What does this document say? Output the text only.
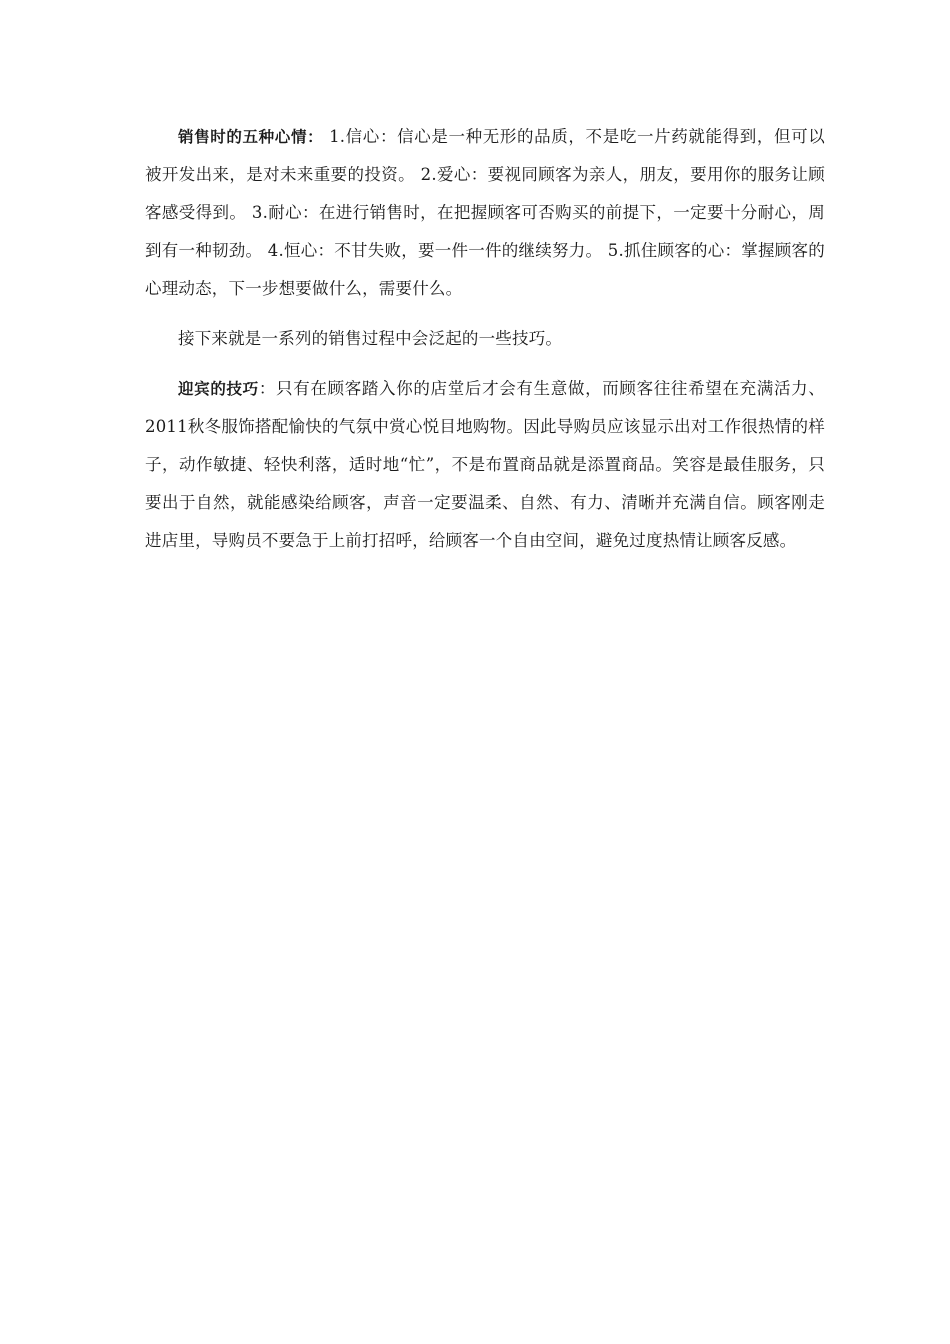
销售时的五种心情： 1.信心：信心是一种无形的品质，不是吃一片药就能得到，但可以被开发出来，是对未来重要的投资。 2.爱心：要视同顾客为亲人，朋友，要用你的服务让顾客感受得到。 3.耐心：在进行销售时，在把握顾客可否购买的前提下，一定要十分耐心，周到有一种韧劲。 4.恒心：不甘失败，要一件一件的继续努力。 5.抓住顾客的心：掌握顾客的心理动态，下一步想要做什么，需要什么。

接下来就是一系列的销售过程中会泛起的一些技巧。

迎宾的技巧：只有在顾客踏入你的店堂后才会有生意做，而顾客往往希望在充满活力、2011秋冬服饰搭配愉快的气氛中赏心悦目地购物。因此导购员应该显示出对工作很热情的样子，动作敏捷、轻快利落，适时地“忙”，不是布置商品就是添置商品。笑容是最佳服务，只要出于自然，就能感染给顾客，声音一定要温柔、自然、有力、清晰并充满自信。顾客刚走进店里，导购员不要急于上前打招呼，给顾客一个自由空间，避免过度热情让顾客反感。
